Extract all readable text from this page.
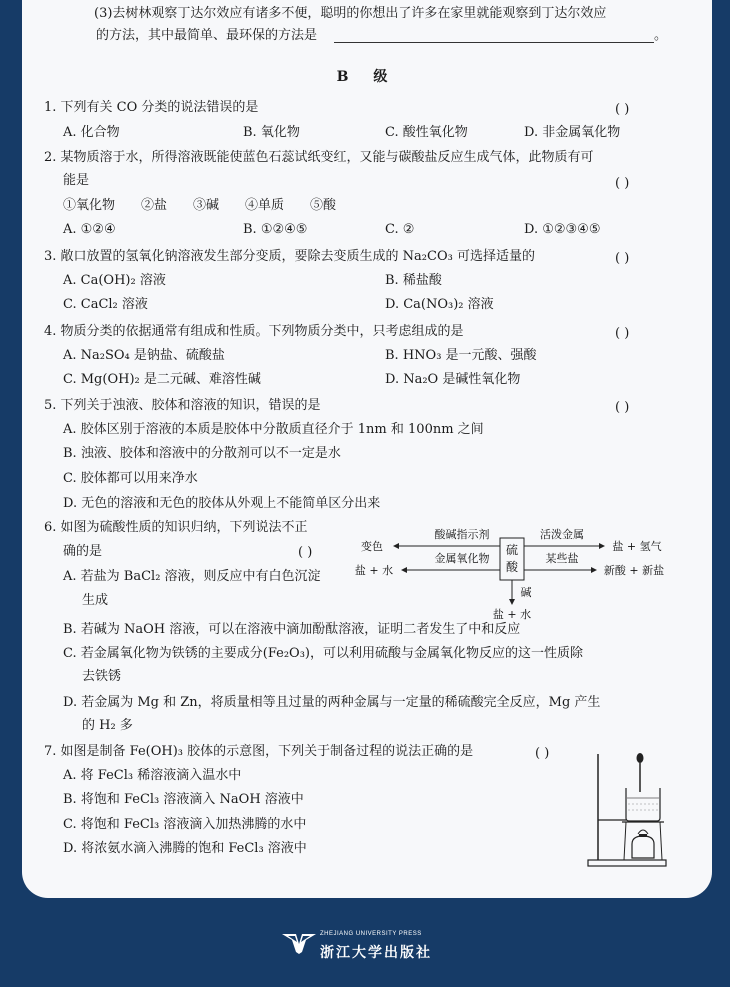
(3)去树林观察丁达尔效应有诸多不便，聪明的你想出了许多在家里就能观察到丁达尔效应
的方法，其中最简单、最环保的方法是	。
B 级
1. 下列有关 CO 分类的说法错误的是	( )
A. 化合物	B. 氧化物	C. 酸性氧化物	D. 非金属氧化物
2. 某物质溶于水，所得溶液既能使蓝色石蕊试纸变红，又能与碳酸盐反应生成气体，此物质有可
能是	( )
①氧化物　　②盐　　③碱　　④单质　　⑤酸
A. ①②④	B. ①②④⑤	C. ②	D. ①②③④⑤
3. 敞口放置的氢氧化钠溶液发生部分变质，要除去变质生成的 Na₂CO₃ 可选择适量的	( )
A. Ca(OH)₂ 溶液	B. 稀盐酸
C. CaCl₂ 溶液	D. Ca(NO₃)₂ 溶液
4. 物质分类的依据通常有组成和性质。下列物质分类中，只考虑组成的是	( )
A. Na₂SO₄ 是钠盐、硫酸盐	B. HNO₃ 是一元酸、强酸
C. Mg(OH)₂ 是二元碱、难溶性碱	D. Na₂O 是碱性氧化物
5. 下列关于浊液、胶体和溶液的知识，错误的是	( )
A. 胶体区别于溶液的本质是胶体中分散质直径介于 1nm 和 100nm 之间
B. 浊液、胶体和溶液中的分散剂可以不一定是水
C. 胶体都可以用来净水
D. 无色的溶液和无色的胶体从外观上不能简单区分出来
6. 如图为硫酸性质的知识归纳，下列说法不正
确的是	( )
A. 若盐为 BaCl₂ 溶液，则反应中有白色沉淀
生成
B. 若碱为 NaOH 溶液，可以在溶液中滴加酚酞溶液，证明二者发生了中和反应
C. 若金属氧化物为铁锈的主要成分(Fe₂O₃)，可以利用硫酸与金属氧化物反应的这一性质除
去铁锈
D. 若金属为 Mg 和 Zn，将质量相等且过量的两种金属与一定量的稀硫酸完全反应，Mg 产生
的 H₂ 多
硫
酸
酸碱指示剂
变色
金属氧化物
盐 + 水
活泼金属
盐 + 氢气
某些盐
新酸 + 新盐
碱
盐 + 水
7. 如图是制备 Fe(OH)₃ 胶体的示意图，下列关于制备过程的说法正确的是	( )
A. 将 FeCl₃ 稀溶液滴入温水中
B. 将饱和 FeCl₃ 溶液滴入 NaOH 溶液中
C. 将饱和 FeCl₃ 溶液滴入加热沸腾的水中
D. 将浓氨水滴入沸腾的饱和 FeCl₃ 溶液中
ZHEJIANG UNIVERSITY PRESS
浙江大学出版社
